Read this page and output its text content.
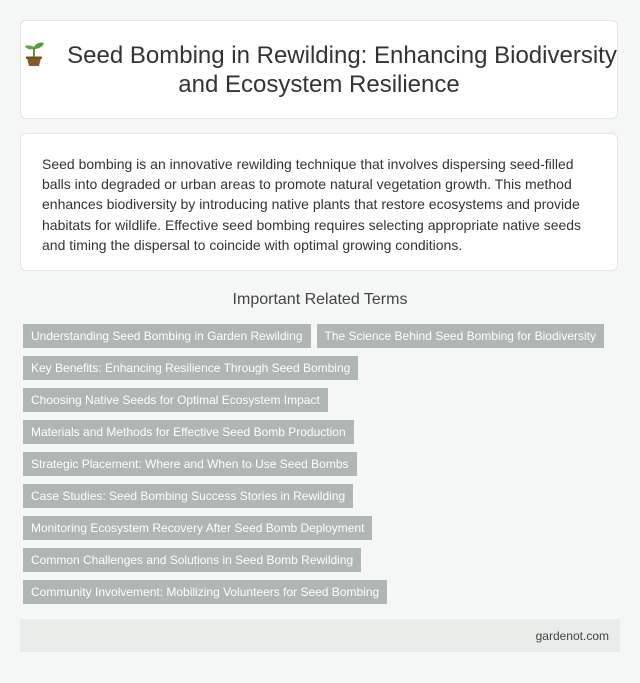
Seed Bombing in Rewilding: Enhancing Biodiversity and Ecosystem Resilience

Seed bombing is an innovative rewilding technique that involves dispersing seed-filled balls into degraded or urban areas to promote natural vegetation growth. This method enhances biodiversity by introducing native plants that restore ecosystems and provide habitats for wildlife. Effective seed bombing requires selecting appropriate native seeds and timing the dispersal to coincide with optimal growing conditions.

Important Related Terms
Understanding Seed Bombing in Garden Rewilding	The Science Behind Seed Bombing for Biodiversity
Key Benefits: Enhancing Resilience Through Seed Bombing
Choosing Native Seeds for Optimal Ecosystem Impact
Materials and Methods for Effective Seed Bomb Production
Strategic Placement: Where and When to Use Seed Bombs
Case Studies: Seed Bombing Success Stories in Rewilding
Monitoring Ecosystem Recovery After Seed Bomb Deployment
Common Challenges and Solutions in Seed Bomb Rewilding
Community Involvement: Mobilizing Volunteers for Seed Bombing
gardenot.com
